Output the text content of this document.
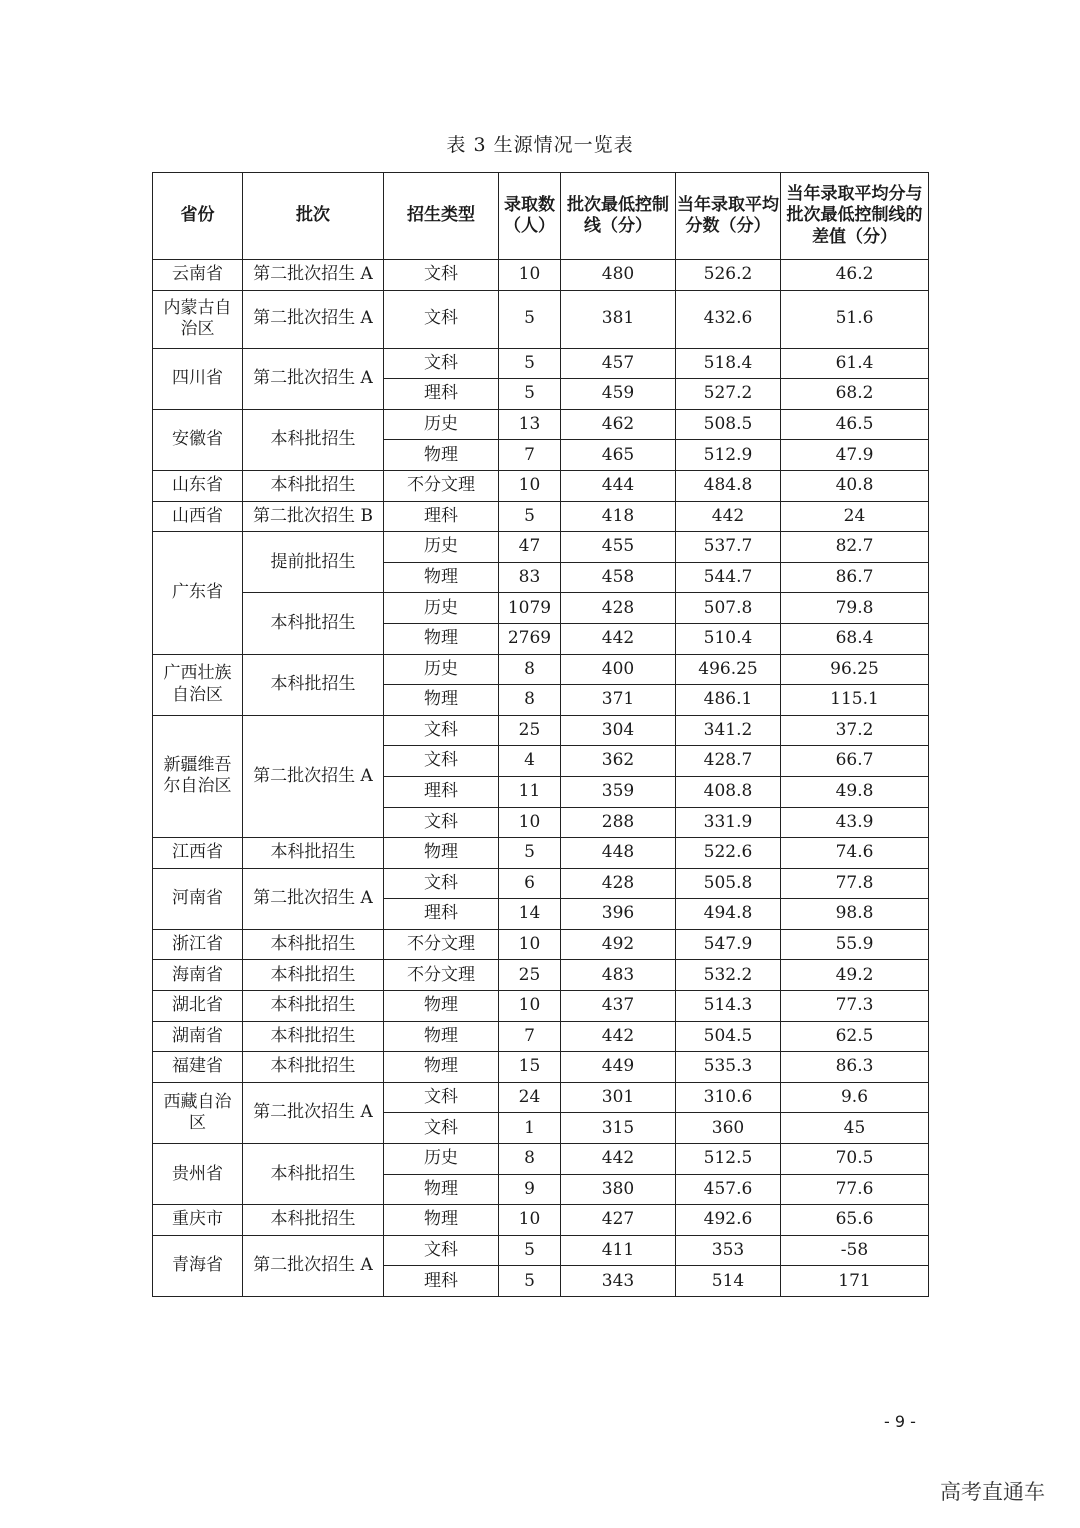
表 3 生源情况一览表
省份	批次	招生类型	录取数（人）	批次最低控制线（分）	当年录取平均分数（分）	当年录取平均分与批次最低控制线的差值（分）
云南省	第二批次招生 A	文科	10	480	526.2	46.2
内蒙古自治区	第二批次招生 A	文科	5	381	432.6	51.6
四川省	第二批次招生 A	文科	5	457	518.4	61.4
		理科	5	459	527.2	68.2
安徽省	本科批招生	历史	13	462	508.5	46.5
		物理	7	465	512.9	47.9
山东省	本科批招生	不分文理	10	444	484.8	40.8
山西省	第二批次招生 B	理科	5	418	442	24
广东省	提前批招生	历史	47	455	537.7	82.7
		物理	83	458	544.7	86.7
	本科批招生	历史	1079	428	507.8	79.8
		物理	2769	442	510.4	68.4
广西壮族自治区	本科批招生	历史	8	400	496.25	96.25
		物理	8	371	486.1	115.1
新疆维吾尔自治区	第二批次招生 A	文科	25	304	341.2	37.2
		文科	4	362	428.7	66.7
		理科	11	359	408.8	49.8
		文科	10	288	331.9	43.9
江西省	本科批招生	物理	5	448	522.6	74.6
河南省	第二批次招生 A	文科	6	428	505.8	77.8
		理科	14	396	494.8	98.8
浙江省	本科批招生	不分文理	10	492	547.9	55.9
海南省	本科批招生	不分文理	25	483	532.2	49.2
湖北省	本科批招生	物理	10	437	514.3	77.3
湖南省	本科批招生	物理	7	442	504.5	62.5
福建省	本科批招生	物理	15	449	535.3	86.3
西藏自治区	第二批次招生 A	文科	24	301	310.6	9.6
		文科	1	315	360	45
贵州省	本科批招生	历史	8	442	512.5	70.5
		物理	9	380	457.6	77.6
重庆市	本科批招生	物理	10	427	492.6	65.6
青海省	第二批次招生 A	文科	5	411	353	-58
		理科	5	343	514	171
- 9 -
高考直通车
